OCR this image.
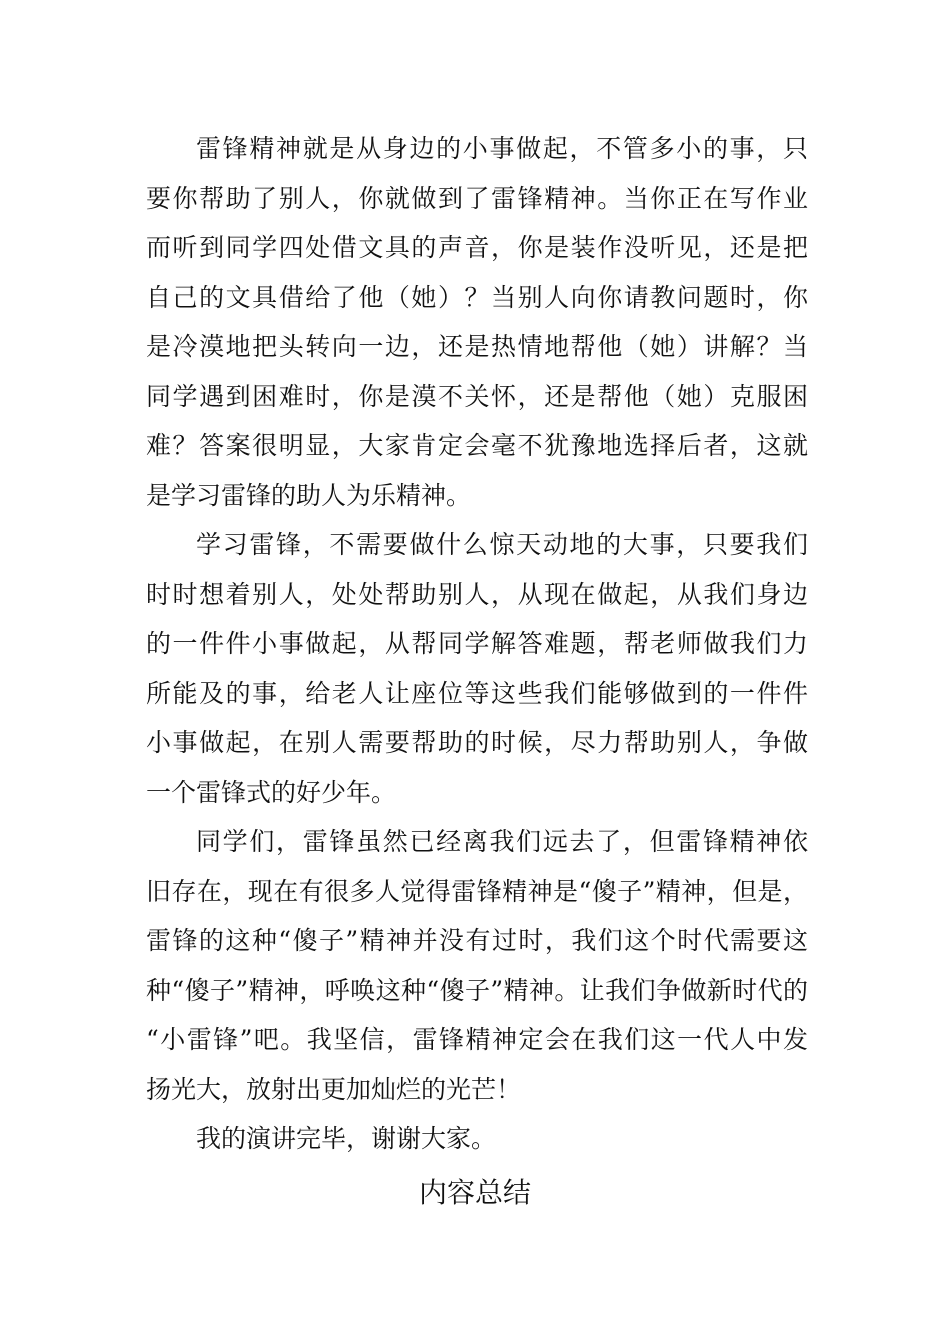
雷锋精神就是从身边的小事做起，不管多小的事，只
要你帮助了别人，你就做到了雷锋精神。当你正在写作业
而听到同学四处借文具的声音，你是装作没听见，还是把
自己的文具借给了他（她）？当别人向你请教问题时，你
是冷漠地把头转向一边，还是热情地帮他（她）讲解？当
同学遇到困难时，你是漠不关怀，还是帮他（她）克服困
难？答案很明显，大家肯定会毫不犹豫地选择后者，这就
是学习雷锋的助人为乐精神。
学习雷锋，不需要做什么惊天动地的大事，只要我们
时时想着别人，处处帮助别人，从现在做起，从我们身边
的一件件小事做起，从帮同学解答难题，帮老师做我们力
所能及的事，给老人让座位等这些我们能够做到的一件件
小事做起，在别人需要帮助的时候，尽力帮助别人，争做
一个雷锋式的好少年。
同学们，雷锋虽然已经离我们远去了，但雷锋精神依
旧存在，现在有很多人觉得雷锋精神是“傻子”精神，但是，
雷锋的这种“傻子”精神并没有过时，我们这个时代需要这
种“傻子”精神，呼唤这种“傻子”精神。让我们争做新时代的
“小雷锋”吧。我坚信，雷锋精神定会在我们这一代人中发
扬光大，放射出更加灿烂的光芒！
我的演讲完毕，谢谢大家。
内容总结
